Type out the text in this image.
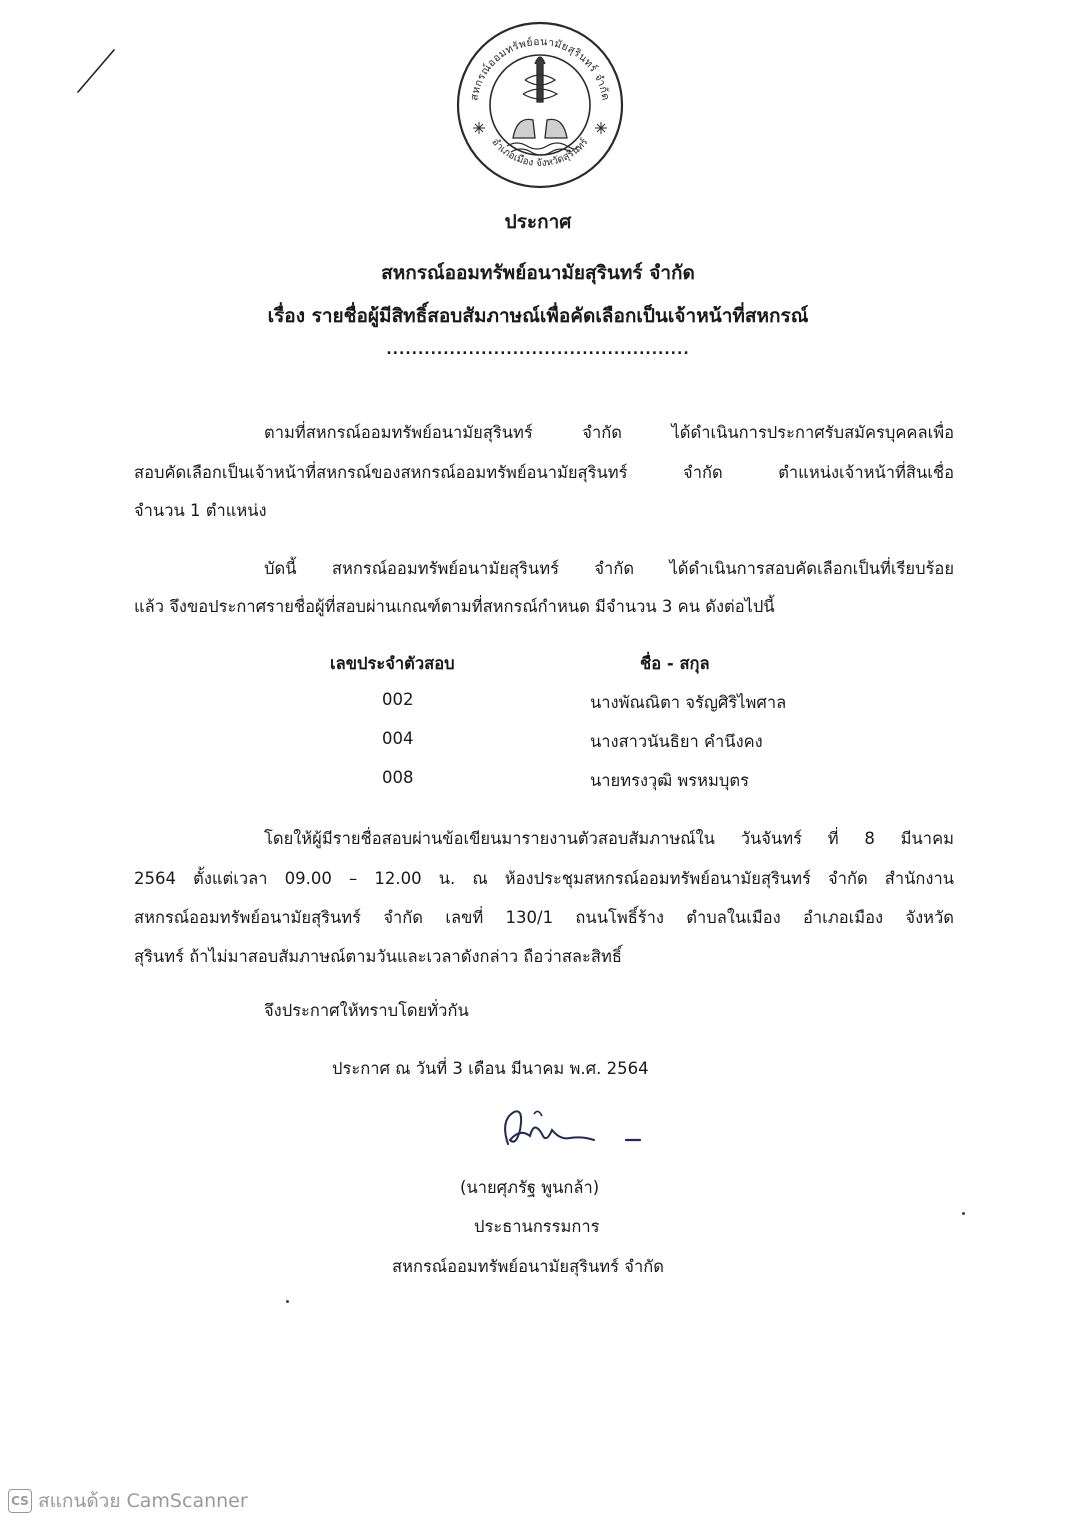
สหกรณ์ออมทรัพย์อนามัยสุรินทร์ จำกัด
อำเภอเมือง จังหวัดสุรินทร์
ประกาศ
สหกรณ์ออมทรัพย์อนามัยสุรินทร์ จำกัด
เรื่อง รายชื่อผู้มีสิทธิ์สอบสัมภาษณ์เพื่อคัดเลือกเป็นเจ้าหน้าที่สหกรณ์
................................................
ตามที่สหกรณ์ออมทรัพย์อนามัยสุรินทร์ จำกัด ได้ดำเนินการประกาศรับสมัครบุคคลเพื่อ
สอบคัดเลือกเป็นเจ้าหน้าที่สหกรณ์ของสหกรณ์ออมทรัพย์อนามัยสุรินทร์ จำกัด ตำแหน่งเจ้าหน้าที่สินเชื่อ
จำนวน 1 ตำแหน่ง
บัดนี้ สหกรณ์ออมทรัพย์อนามัยสุรินทร์ จำกัด ได้ดำเนินการสอบคัดเลือกเป็นที่เรียบร้อย
แล้ว จึงขอประกาศรายชื่อผู้ที่สอบผ่านเกณฑ์ตามที่สหกรณ์กำหนด มีจำนวน 3 คน ดังต่อไปนี้
เลขประจำตัวสอบ	ชื่อ - สกุล
002	นางพัณณิตา จรัญศิริไพศาล
004	นางสาวนันธิยา คำนึงคง
008	นายทรงวุฒิ พรหมบุตร
โดยให้ผู้มีรายชื่อสอบผ่านข้อเขียนมารายงานตัวสอบสัมภาษณ์ใน วันจันทร์ ที่ 8 มีนาคม
2564 ตั้งแต่เวลา 09.00 – 12.00 น. ณ ห้องประชุมสหกรณ์ออมทรัพย์อนามัยสุรินทร์ จำกัด สำนักงาน
สหกรณ์ออมทรัพย์อนามัยสุรินทร์ จำกัด เลขที่ 130/1 ถนนโพธิ์ร้าง ตำบลในเมือง อำเภอเมือง จังหวัด
สุรินทร์ ถ้าไม่มาสอบสัมภาษณ์ตามวันและเวลาดังกล่าว ถือว่าสละสิทธิ์
จึงประกาศให้ทราบโดยทั่วกัน
ประกาศ ณ วันที่ 3 เดือน มีนาคม พ.ศ. 2564
(นายศุภรัฐ พูนกล้า)
ประธานกรรมการ
สหกรณ์ออมทรัพย์อนามัยสุรินทร์ จำกัด
CS สแกนด้วย CamScanner
